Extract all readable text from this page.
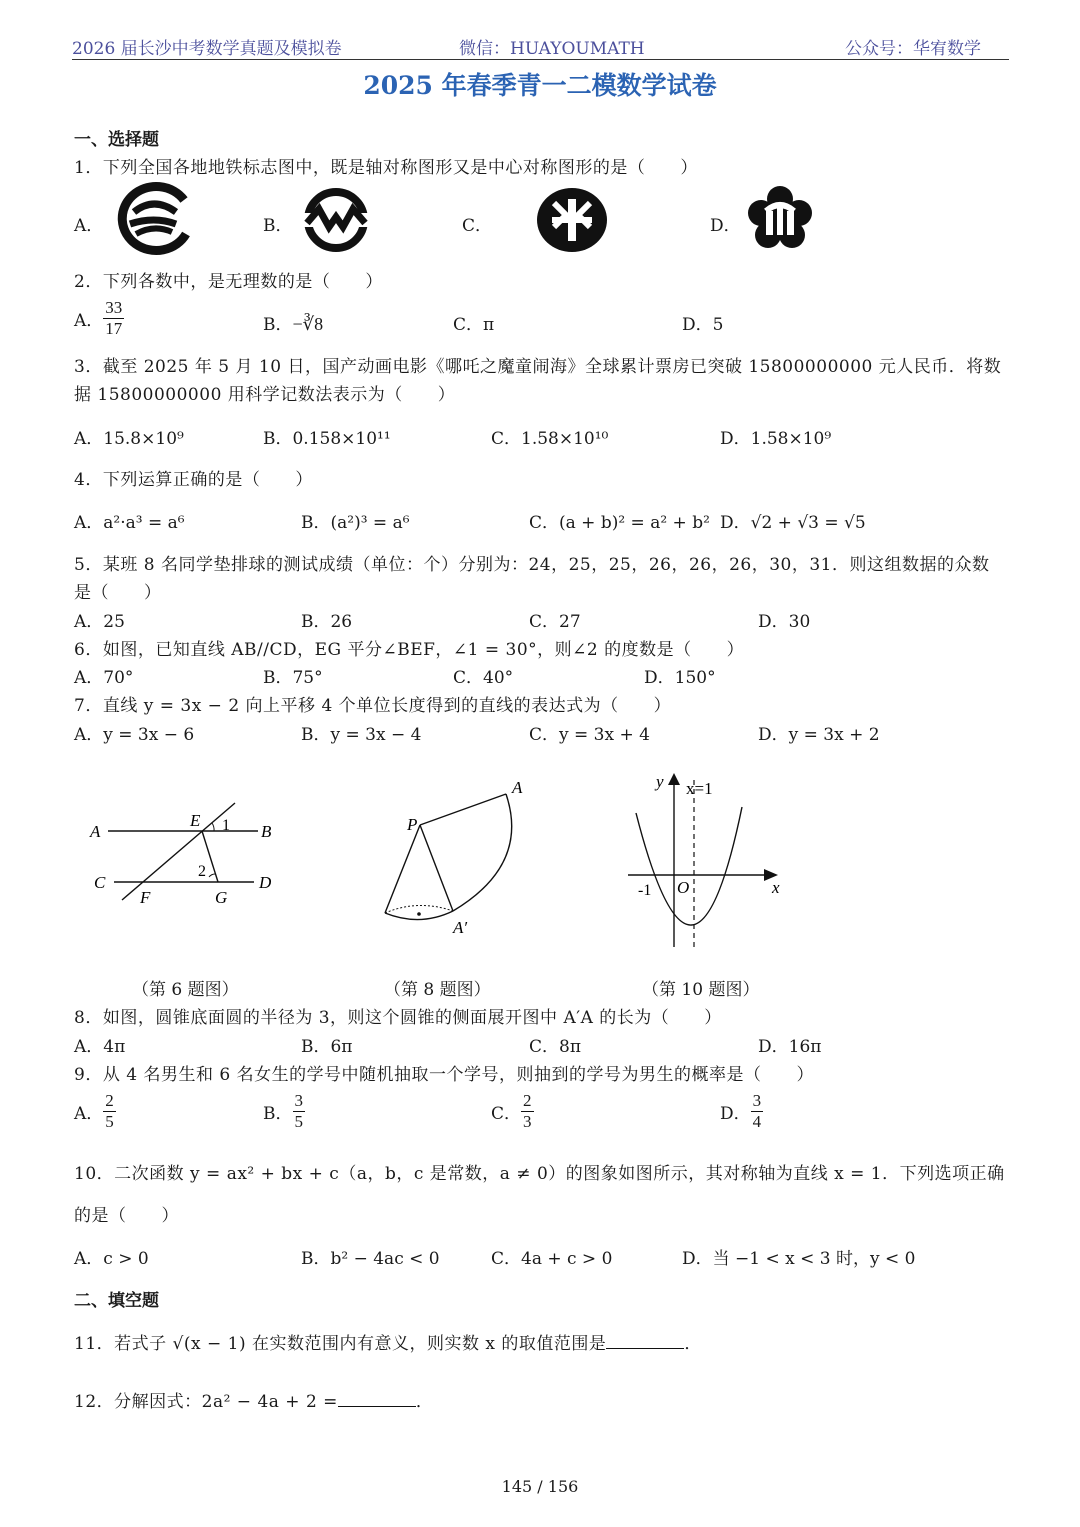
2026 届长沙中考数学真题及模拟卷	微信：HUAYOUMATH	公众号：华宥数学
2025 年春季青一二模数学试卷
一、选择题
1．下列全国各地地铁标志图中，既是轴对称图形又是中心对称图形的是（　　）
A．	B．	C．	D．
2．下列各数中，是无理数的是（　　）
A． $\frac{33}{17}$	B．−∛8	C．π	D．5
3．截至 2025 年 5 月 10 日，国产动画电影《哪吒之魔童闹海》全球累计票房已突破 15800000000 元人民币．将数
据 15800000000 用科学记数法表示为（　　）
A．15.8×10⁹	B．0.158×10¹¹	C．1.58×10¹⁰	D．1.58×10⁹
4．下列运算正确的是（　　）
A．a²·a³ = a⁶	B．(a²)³ = a⁶	C．(a + b)² = a² + b² D．√2 + √3 = √5
5．某班 8 名同学垫排球的测试成绩（单位：个）分别为：24，25，25，26，26，26，30，31．则这组数据的众数
是（　　）
A．25	B．26	C．27	D．30
6．如图，已知直线 AB//CD，EG 平分∠BEF，∠1 = 30°，则∠2 的度数是（　　）
A．70°	B．75°	C．40°	D．150°
7．直线 y = 3x − 2 向上平移 4 个单位长度得到的直线的表达式为（　　）
A．y = 3x − 6	B．y = 3x − 4	C．y = 3x + 4	D．y = 3x + 2
A	B
C	D
E
F	G
1
2
（第 6 题图）
P
A
A′
（第 8 题图）
y x=1
x
-1 O
（第 10 题图）
8．如图，圆锥底面圆的半径为 3，则这个圆锥的侧面展开图中 A′A 的长为（　　）
A．4π	B．6π	C．8π	D．16π
9．从 4 名男生和 6 名女生的学号中随机抽取一个学号，则抽到的学号为男生的概率是（　　）
A． $\frac{2}{5}$	B． $\frac{3}{5}$	C． $\frac{2}{3}$	D． $\frac{3}{4}$
10．二次函数 y = ax² + bx + c（a，b，c 是常数，a ≠ 0）的图象如图所示，其对称轴为直线 x = 1．下列选项正确
的是（　　）
A．c > 0	B．b² − 4ac < 0	C．4a + c > 0	D．当 −1 < x < 3 时，y < 0
二、填空题
11．若式子 √(x − 1) 在实数范围内有意义，则实数 x 的取值范围是	．
12．分解因式：2a² − 4a + 2 =	．
145 / 156
